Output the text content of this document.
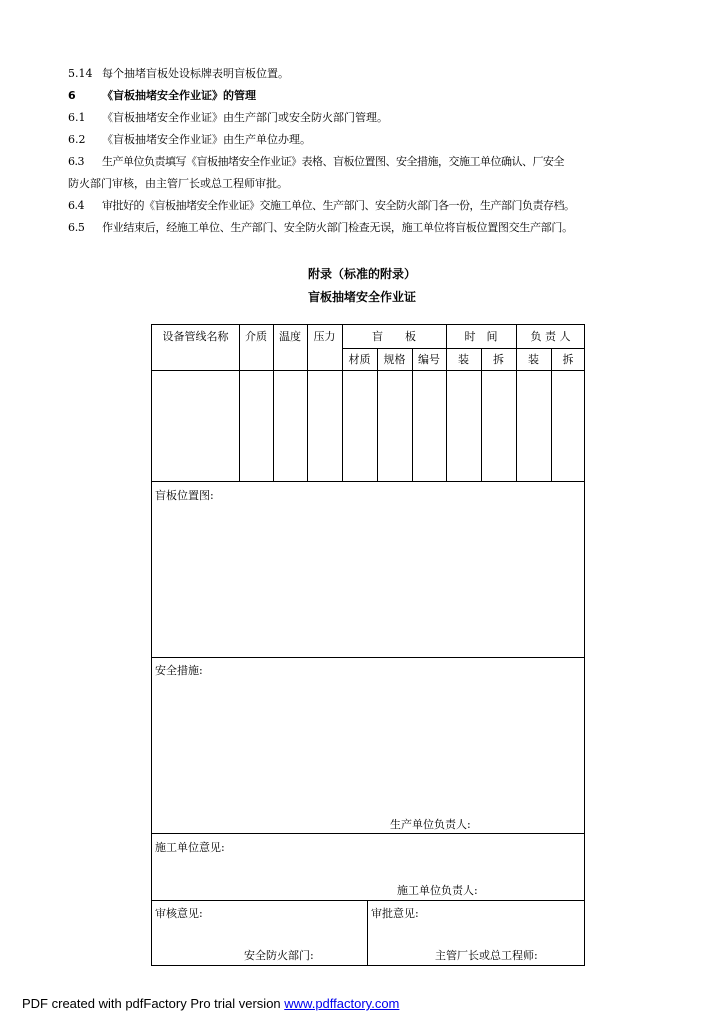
5.14 每个抽堵盲板处设标牌表明盲板位置。
6 《盲板抽堵安全作业证》的管理
6.1 《盲板抽堵安全作业证》由生产部门或安全防火部门管理。
6.2 《盲板抽堵安全作业证》由生产单位办理。
6.3 生产单位负责填写《盲板抽堵安全作业证》表格、盲板位置图、安全措施，交施工单位确认、厂安全
防火部门审核，由主管厂长或总工程师审批。
6.4 审批好的《盲板抽堵安全作业证》交施工单位、生产部门、安全防火部门各一份，生产部门负责存档。
6.5 作业结束后，经施工单位、生产部门、安全防火部门检查无误，施工单位将盲板位置图交生产部门。
附录（标准的附录）
盲板抽堵安全作业证
设备管线名称	介质	温度	压力	盲　　板	时　间	负 责 人
材质	规格	编号	装	拆	装	拆
盲板位置图:
安全措施:
生产单位负责人:
施工单位意见:
施工单位负责人:
审核意见:
安全防火部门:
审批意见:
主管厂长或总工程师:
PDF created with pdfFactory Pro trial version www.pdffactory.com
